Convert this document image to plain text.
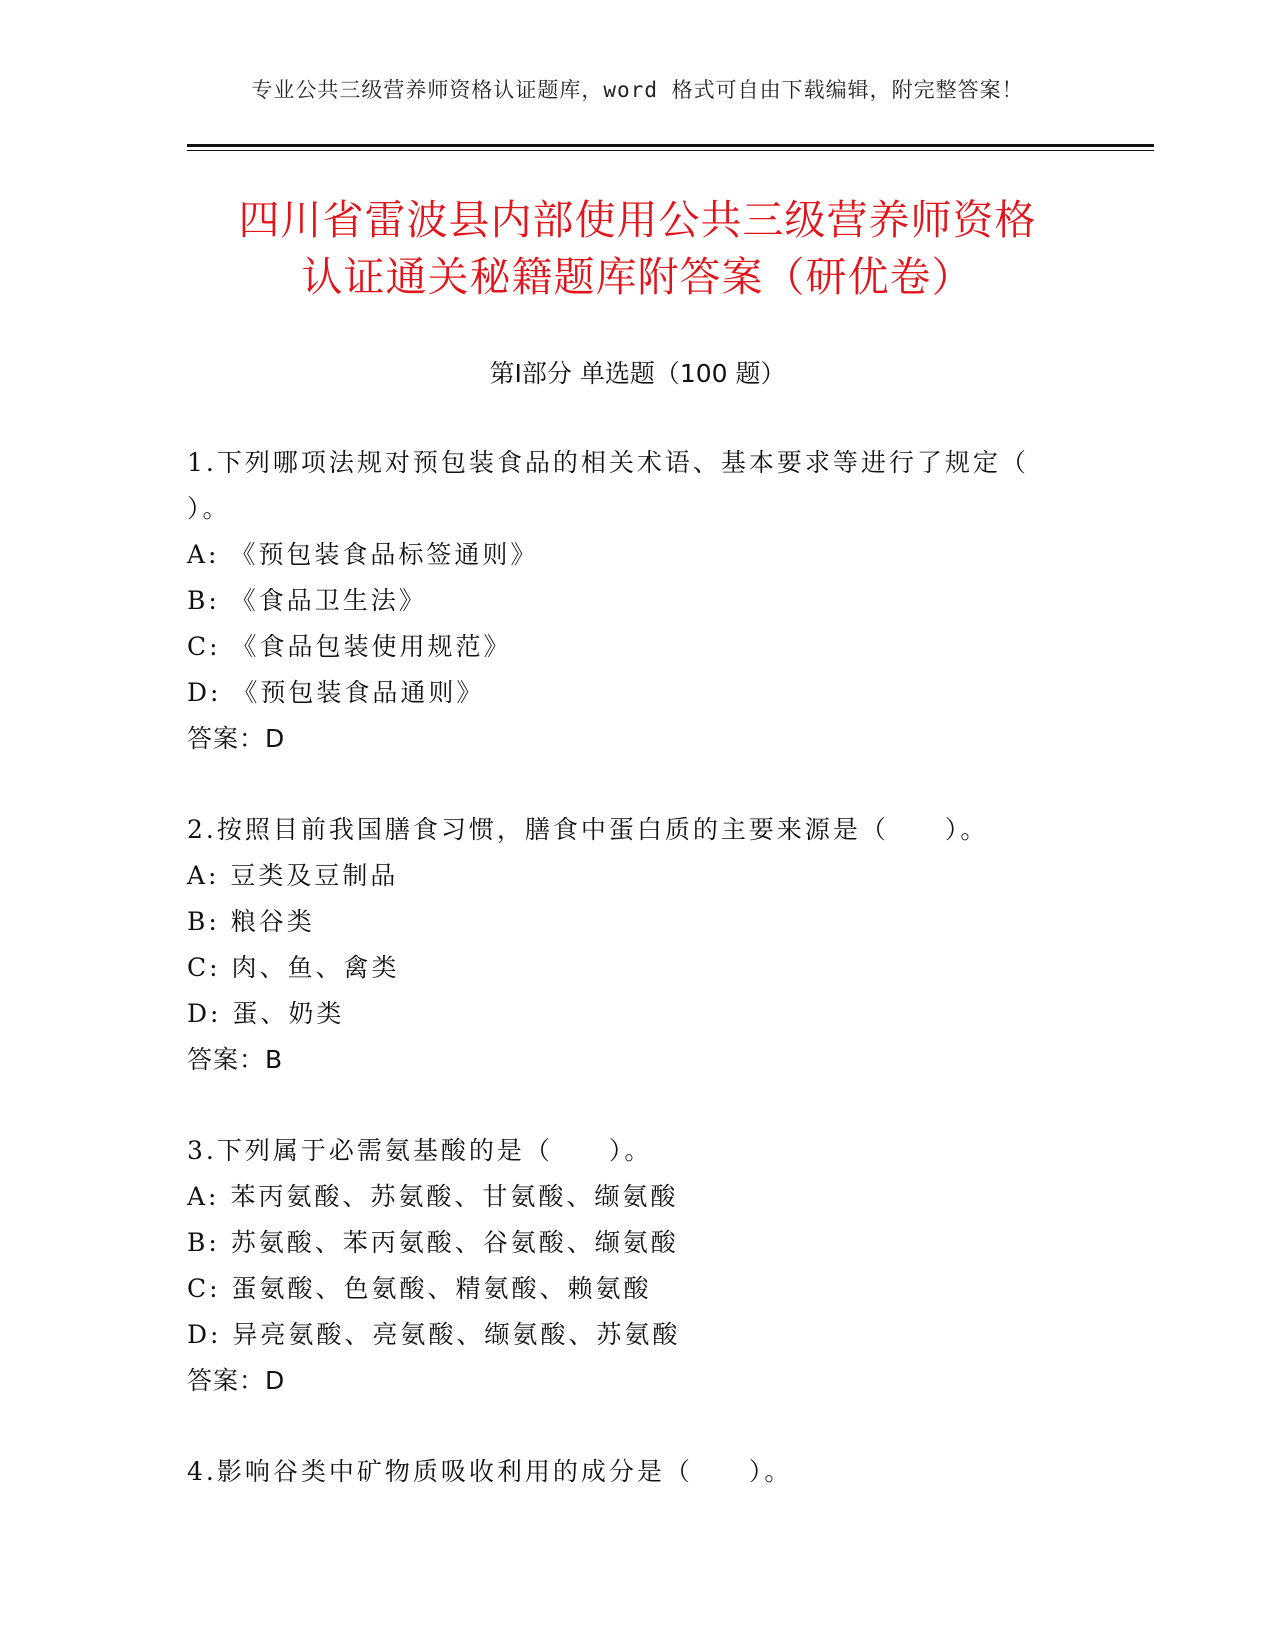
专业公共三级营养师资格认证题库，word 格式可自由下载编辑，附完整答案！
四川省雷波县内部使用公共三级营养师资格
认证通关秘籍题库附答案（研优卷）
第Ⅰ部分 单选题（100 题）
1.下列哪项法规对预包装食品的相关术语、基本要求等进行了规定（ ）。
A: 《预包装食品标签通则》
B: 《食品卫生法》
C: 《食品包装使用规范》
D: 《预包装食品通则》
答案：D
2.按照目前我国膳食习惯，膳食中蛋白质的主要来源是（　　）。
A: 豆类及豆制品
B: 粮谷类
C: 肉、鱼、禽类
D: 蛋、奶类
答案：B
3.下列属于必需氨基酸的是（　　）。
A: 苯丙氨酸、苏氨酸、甘氨酸、缬氨酸
B: 苏氨酸、苯丙氨酸、谷氨酸、缬氨酸
C: 蛋氨酸、色氨酸、精氨酸、赖氨酸
D: 异亮氨酸、亮氨酸、缬氨酸、苏氨酸
答案：D
4.影响谷类中矿物质吸收利用的成分是（　　）。
